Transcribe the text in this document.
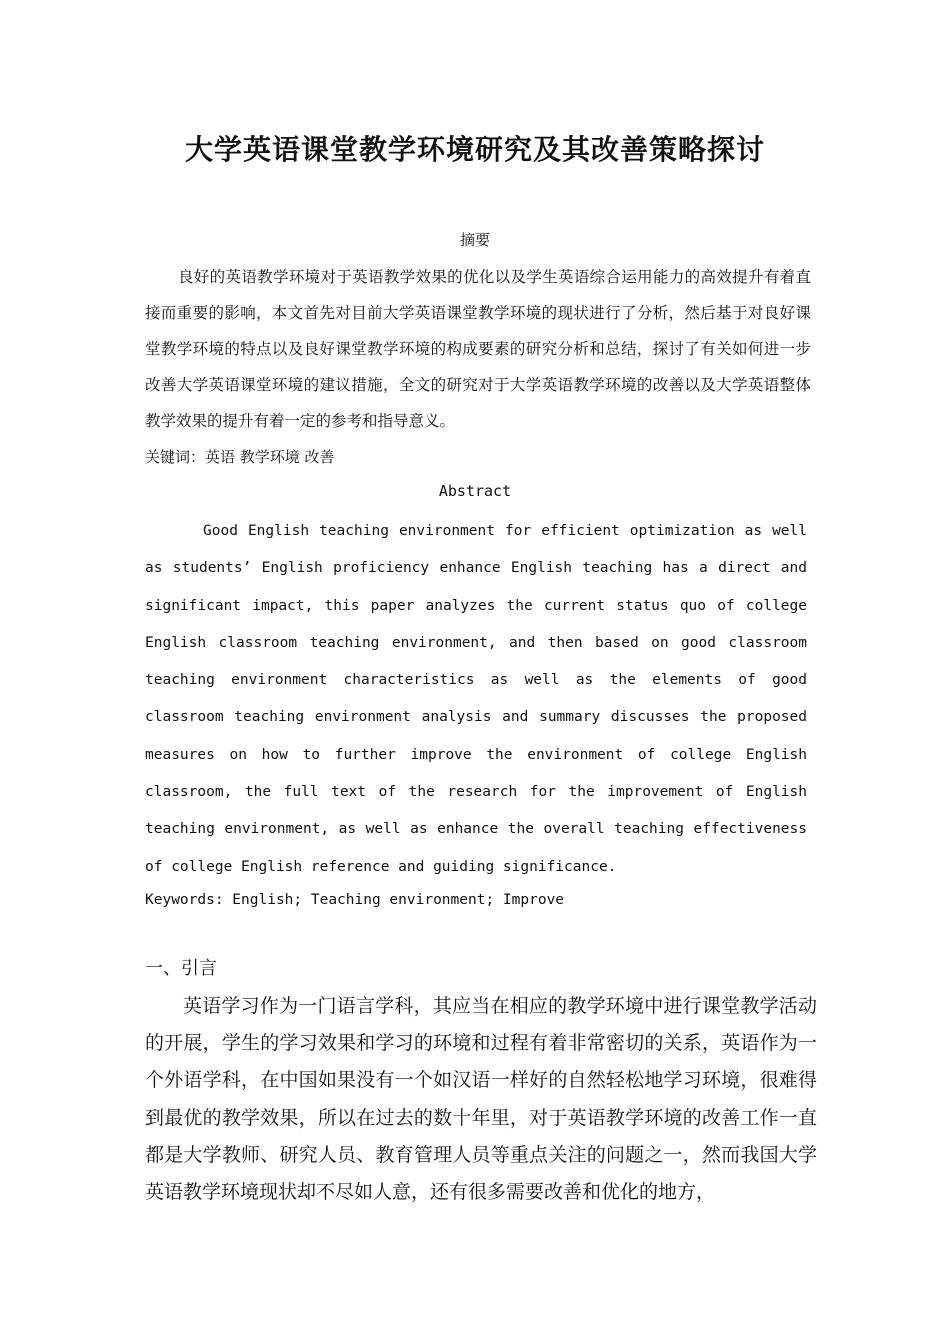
大学英语课堂教学环境研究及其改善策略探讨

摘要

良好的英语教学环境对于英语教学效果的优化以及学生英语综合运用能力的高效提升有着直接而重要的影响，本文首先对目前大学英语课堂教学环境的现状进行了分析，然后基于对良好课堂教学环境的特点以及良好课堂教学环境的构成要素的研究分析和总结，探讨了有关如何进一步改善大学英语课堂环境的建议措施，全文的研究对于大学英语教学环境的改善以及大学英语整体教学效果的提升有着一定的参考和指导意义。

关键词：英语 教学环境 改善

Abstract

Good English teaching environment for efficient optimization as well as students’ English proficiency enhance English teaching has a direct and significant impact, this paper analyzes the current status quo of college English classroom teaching environment, and then based on good classroom teaching environment characteristics as well as the elements of good classroom teaching environment analysis and summary discusses the proposed measures on how to further improve the environment of college English classroom, the full text of the research for the improvement of English teaching environment, as well as enhance the overall teaching effectiveness of college English reference and guiding significance.

Keywords: English; Teaching environment; Improve

一、引言

英语学习作为一门语言学科，其应当在相应的教学环境中进行课堂教学活动的开展，学生的学习效果和学习的环境和过程有着非常密切的关系，英语作为一个外语学科，在中国如果没有一个如汉语一样好的自然轻松地学习环境，很难得到最优的教学效果，所以在过去的数十年里，对于英语教学环境的改善工作一直都是大学教师、研究人员、教育管理人员等重点关注的问题之一，然而我国大学英语教学环境现状却不尽如人意，还有很多需要改善和优化的地方，
